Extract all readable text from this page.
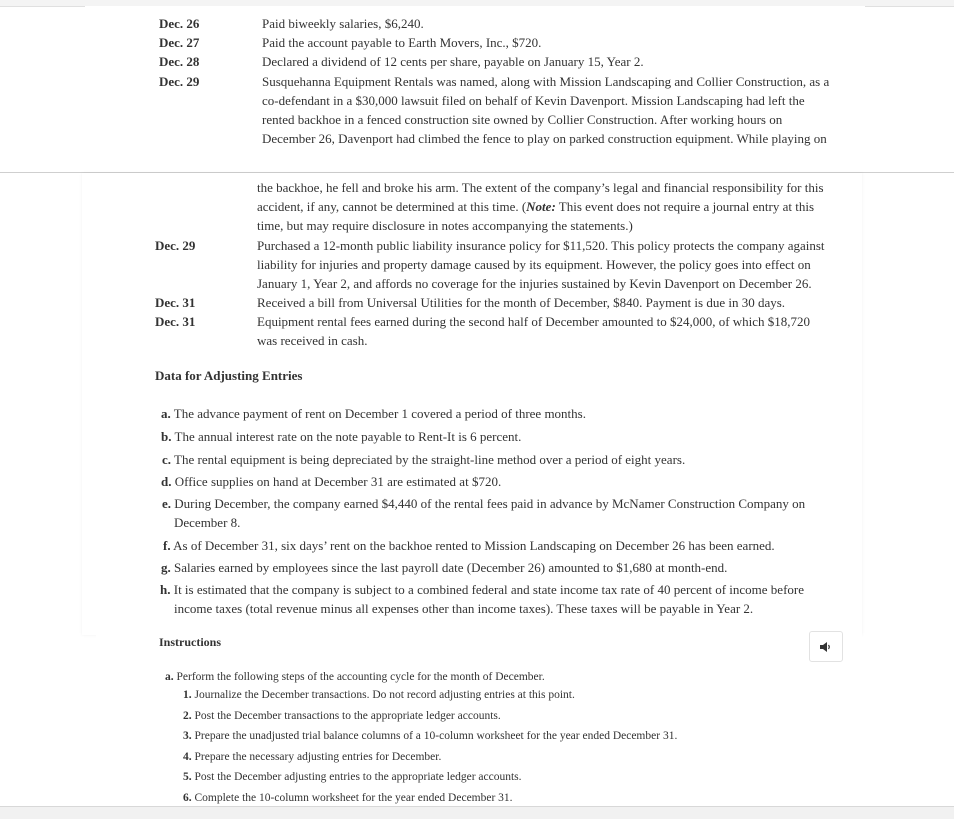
Dec. 26	Paid biweekly salaries, $6,240.
Dec. 27	Paid the account payable to Earth Movers, Inc., $720.
Dec. 28	Declared a dividend of 12 cents per share, payable on January 15, Year 2.
Dec. 29	Susquehanna Equipment Rentals was named, along with Mission Landscaping and Collier Construction, as a
co-defendant in a $30,000 lawsuit filed on behalf of Kevin Davenport. Mission Landscaping had left the
rented backhoe in a fenced construction site owned by Collier Construction. After working hours on
December 26, Davenport had climbed the fence to play on parked construction equipment. While playing on
the backhoe, he fell and broke his arm. The extent of the company’s legal and financial responsibility for this
accident, if any, cannot be determined at this time. (Note: This event does not require a journal entry at this
time, but may require disclosure in notes accompanying the statements.)
Dec. 29	Purchased a 12-month public liability insurance policy for $11,520. This policy protects the company against
liability for injuries and property damage caused by its equipment. However, the policy goes into effect on
January 1, Year 2, and affords no coverage for the injuries sustained by Kevin Davenport on December 26.
Dec. 31	Received a bill from Universal Utilities for the month of December, $840. Payment is due in 30 days.
Dec. 31	Equipment rental fees earned during the second half of December amounted to $24,000, of which $18,720
was received in cash.
Data for Adjusting Entries
a. The advance payment of rent on December 1 covered a period of three months.
b. The annual interest rate on the note payable to Rent-It is 6 percent.
c. The rental equipment is being depreciated by the straight-line method over a period of eight years.
d. Office supplies on hand at December 31 are estimated at $720.
e. During December, the company earned $4,440 of the rental fees paid in advance by McNamer Construction Company on
December 8.
f. As of December 31, six days’ rent on the backhoe rented to Mission Landscaping on December 26 has been earned.
g. Salaries earned by employees since the last payroll date (December 26) amounted to $1,680 at month-end.
h. It is estimated that the company is subject to a combined federal and state income tax rate of 40 percent of income before
income taxes (total revenue minus all expenses other than income taxes). These taxes will be payable in Year 2.
Instructions
a. Perform the following steps of the accounting cycle for the month of December.
1. Journalize the December transactions. Do not record adjusting entries at this point.
2. Post the December transactions to the appropriate ledger accounts.
3. Prepare the unadjusted trial balance columns of a 10-column worksheet for the year ended December 31.
4. Prepare the necessary adjusting entries for December.
5. Post the December adjusting entries to the appropriate ledger accounts.
6. Complete the 10-column worksheet for the year ended December 31.
